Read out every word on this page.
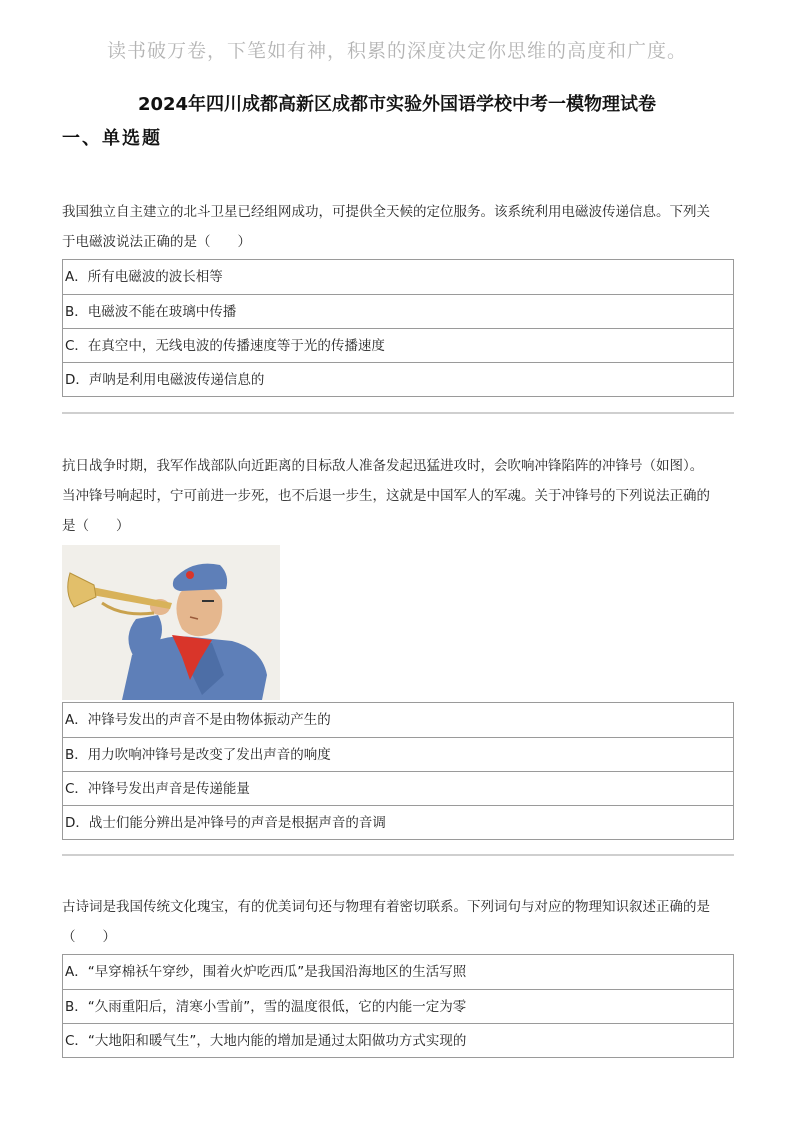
读书破万卷，下笔如有神，积累的深度决定你思维的高度和广度。
2024年四川成都高新区成都市实验外国语学校中考一模物理试卷
一、单选题
我国独立自主建立的北斗卫星已经组网成功，可提供全天候的定位服务。该系统利用电磁波传递信息。下列关
于电磁波说法正确的是（　　）
A．所有电磁波的波长相等
B．电磁波不能在玻璃中传播
C．在真空中，无线电波的传播速度等于光的传播速度
D．声呐是利用电磁波传递信息的
抗日战争时期，我军作战部队向近距离的目标敌人准备发起迅猛进攻时，会吹响冲锋陷阵的冲锋号（如图）。
当冲锋号响起时，宁可前进一步死，也不后退一步生，这就是中国军人的军魂。关于冲锋号的下列说法正确的
是（　　）
A．冲锋号发出的声音不是由物体振动产生的
B．用力吹响冲锋号是改变了发出声音的响度
C．冲锋号发出声音是传递能量
D．战士们能分辨出是冲锋号的声音是根据声音的音调
古诗词是我国传统文化瑰宝，有的优美词句还与物理有着密切联系。下列词句与对应的物理知识叙述正确的是
（　　）
A．“早穿棉袄午穿纱，围着火炉吃西瓜”是我国沿海地区的生活写照
B．“久雨重阳后，清寒小雪前”，雪的温度很低，它的内能一定为零
C．“大地阳和暖气生”，大地内能的增加是通过太阳做功方式实现的
